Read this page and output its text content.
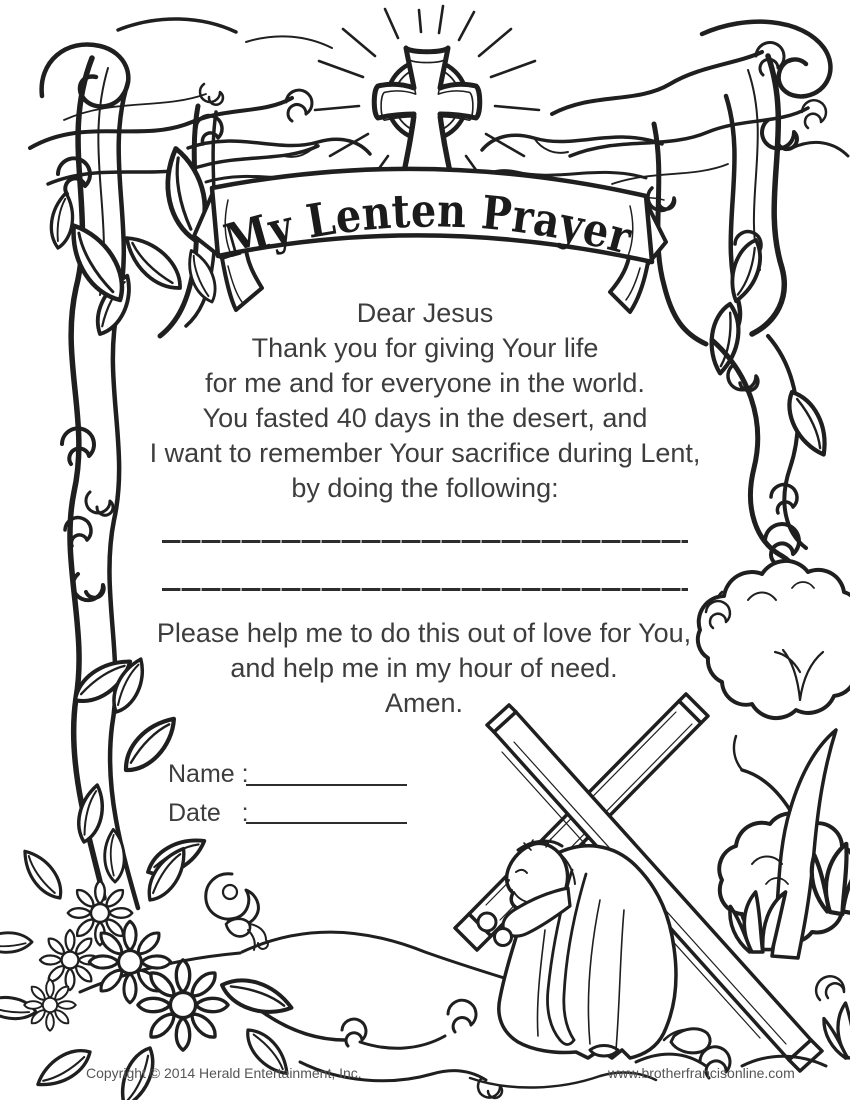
My Lenten Prayer
Dear Jesus
Thank you for giving Your life
for me and for everyone in the world.
You fasted 40 days in the desert, and
I want to remember Your sacrifice during Lent,
by doing the following:
Please help me to do this out of love for You,
and help me in my hour of need.
Amen.
Name :
Date   :
Copyright © 2014 Herald Entertainment, Inc.	www.brotherfrancisonline.com
